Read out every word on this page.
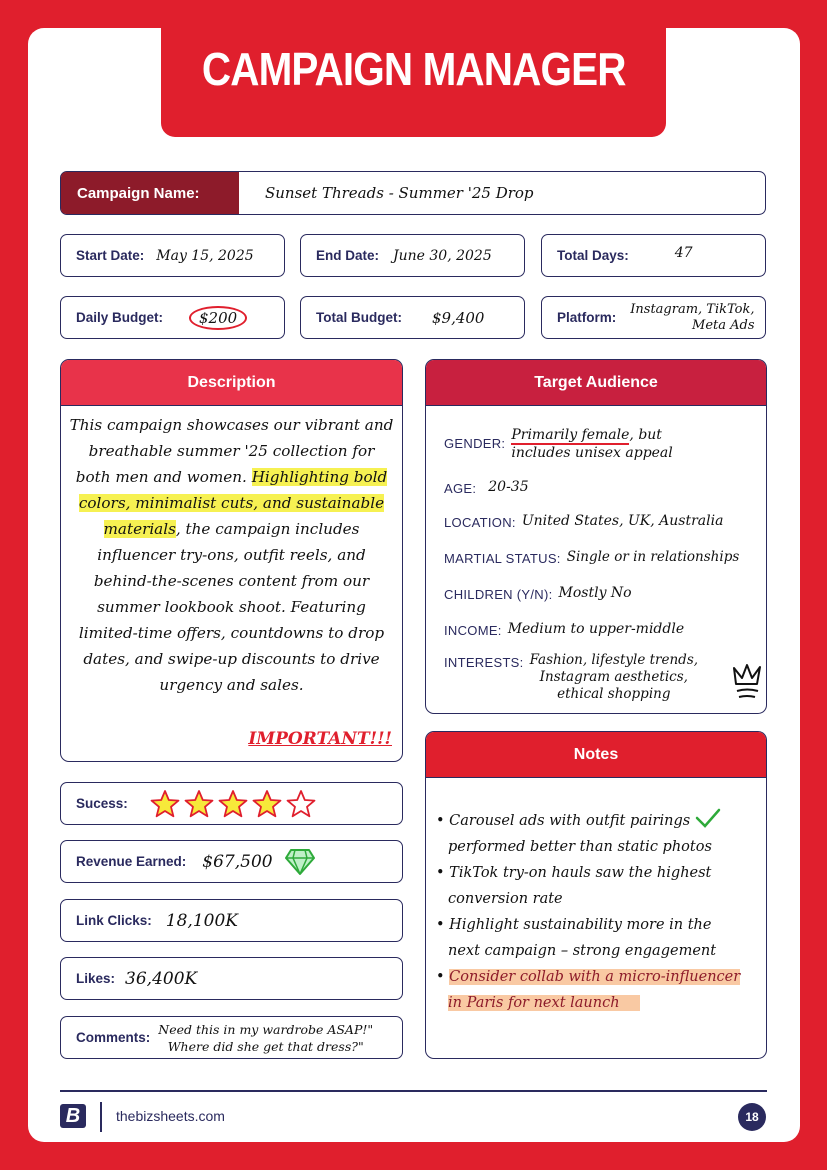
CAMPAIGN MANAGER
Campaign Name:	Sunset Threads - Summer '25 Drop
Start Date: May 15, 2025	End Date: June 30, 2025	Total Days:	47
Daily Budget:	$200	Total Budget: $9,400	Platform:
Instagram, TikTok,
Meta Ads
Description
This campaign showcases our vibrant and breathable summer '25 collection for both men and women. Highlighting bold colors, minimalist cuts, and sustainable materials, the campaign includes influencer try-ons, outfit reels, and behind-the-scenes content from our summer lookbook shoot. Featuring limited-time offers, countdowns to drop dates, and swipe-up discounts to drive urgency and sales.
IMPORTANT!!!
Target Audience
GENDER:
Primarily female, but includes unisex appeal
AGE: 20-35
LOCATION: United States, UK, Australia
MARTIAL STATUS: Single or in relationships
CHILDREN (Y/N): Mostly No
INCOME: Medium to upper-middle
INTERESTS: Fashion, lifestyle trends,
Instagram aesthetics,
ethical shopping
Notes
• Carousel ads with outfit pairings
performed better than static photos
• TikTok try-on hauls saw the highest
conversion rate
• Highlight sustainability more in the
next campaign – strong engagement
• Consider collab with a micro-influencer
in Paris for next launch
Sucess:
Revenue Earned: $67,500
Link Clicks: 18,100K
Likes: 36,400K
Comments:
Need this in my wardrobe ASAP!"
Where did she get that dress?"
B	thebizsheets.com	18
